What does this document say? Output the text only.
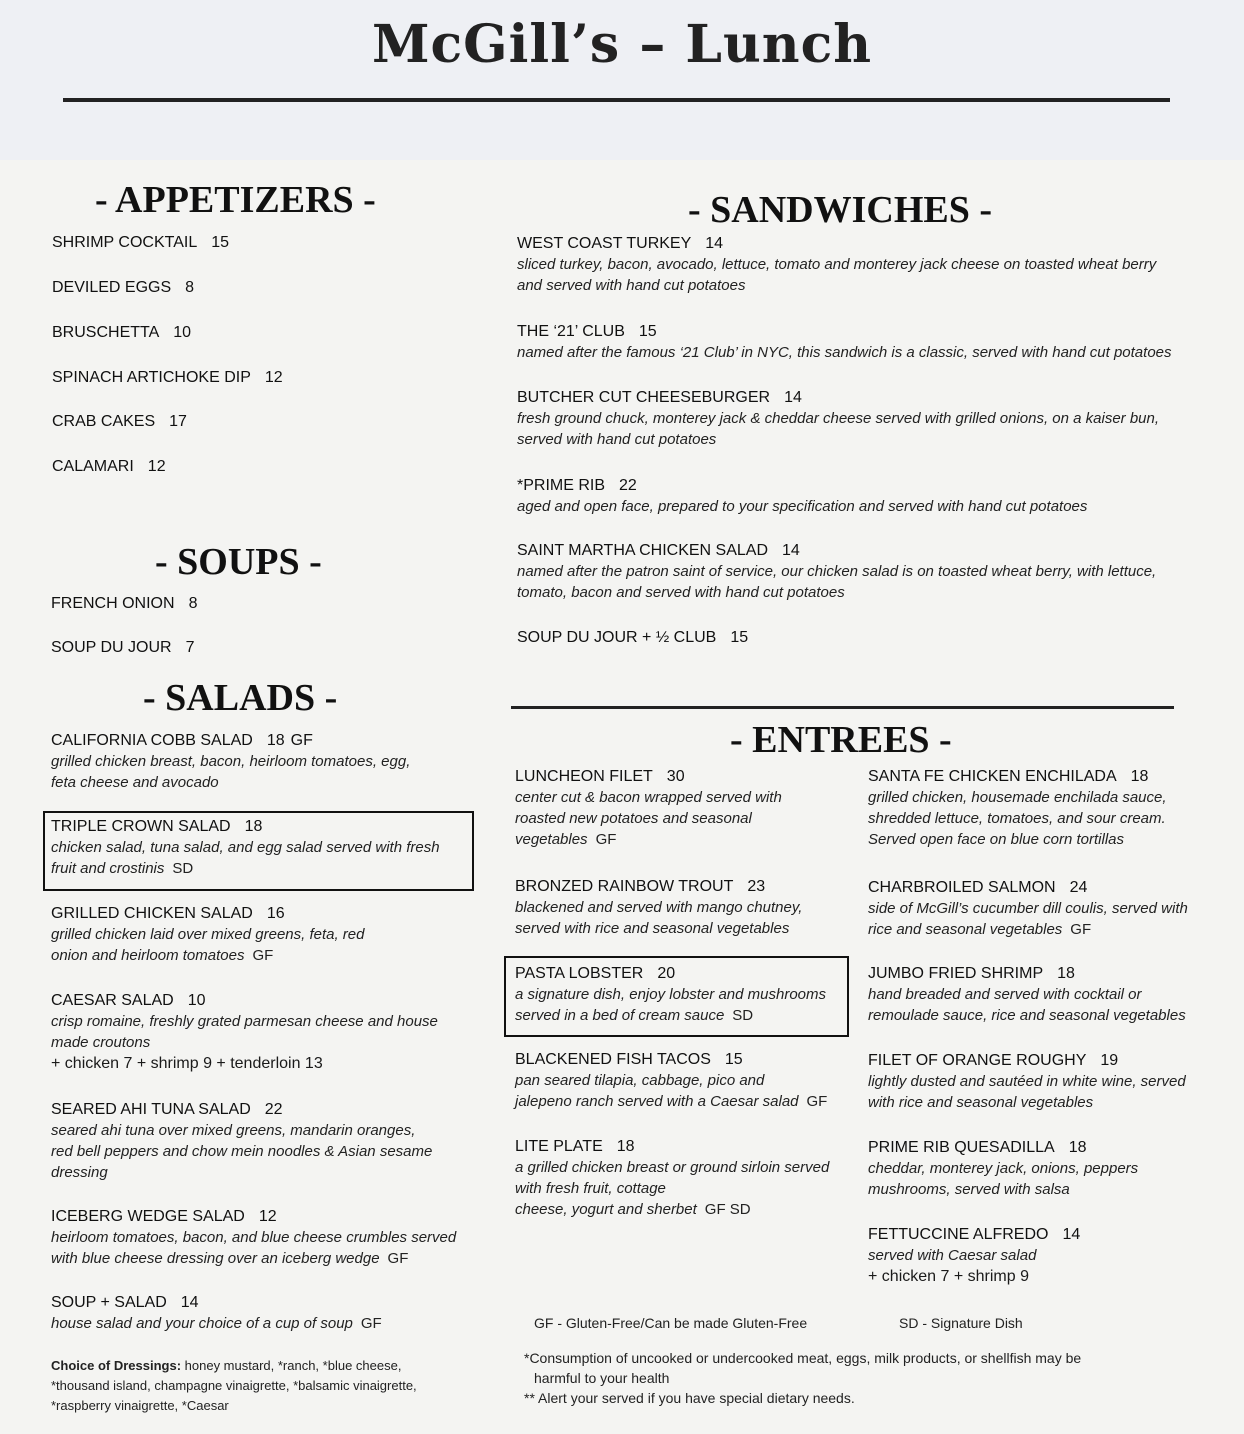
McGill’s – Lunch
- APPETIZERS -	- SANDWICHES -
- SOUPS -
- SALADS -
- ENTREES -
SHRIMP COCKTAIL 15
DEVILED EGGS 8
BRUSCHETTA 10
SPINACH ARTICHOKE DIP 12
CRAB CAKES 17
CALAMARI 12
FRENCH ONION 8
SOUP DU JOUR 7
CALIFORNIA COBB SALAD 18 GF
grilled chicken breast, bacon, heirloom tomatoes, egg,
feta cheese and avocado
TRIPLE CROWN SALAD 18
chicken salad, tuna salad, and egg salad served with fresh
fruit and crostinis SD
GRILLED CHICKEN SALAD 16
grilled chicken laid over mixed greens, feta, red
onion and heirloom tomatoes GF
CAESAR SALAD 10
crisp romaine, freshly grated parmesan cheese and house
made croutons
+ chicken 7 + shrimp 9 + tenderloin 13
SEARED AHI TUNA SALAD 22
seared ahi tuna over mixed greens, mandarin oranges,
red bell peppers and chow mein noodles & Asian sesame
dressing
ICEBERG WEDGE SALAD 12
heirloom tomatoes, bacon, and blue cheese crumbles served
with blue cheese dressing over an iceberg wedge GF
SOUP + SALAD 14
house salad and your choice of a cup of soup GF
WEST COAST TURKEY 14
sliced turkey, bacon, avocado, lettuce, tomato and monterey jack cheese on toasted wheat berry
and served with hand cut potatoes
THE ‘21’ CLUB 15
named after the famous ‘21 Club’ in NYC, this sandwich is a classic, served with hand cut potatoes
BUTCHER CUT CHEESEBURGER 14
fresh ground chuck, monterey jack & cheddar cheese served with grilled onions, on a kaiser bun,
served with hand cut potatoes
*PRIME RIB 22
aged and open face, prepared to your specification and served with hand cut potatoes
SAINT MARTHA CHICKEN SALAD 14
named after the patron saint of service, our chicken salad is on toasted wheat berry, with lettuce,
tomato, bacon and served with hand cut potatoes
SOUP DU JOUR + ½ CLUB 15
LUNCHEON FILET 30
center cut & bacon wrapped served with
roasted new potatoes and seasonal
vegetables GF
BRONZED RAINBOW TROUT 23
blackened and served with mango chutney,
served with rice and seasonal vegetables
PASTA LOBSTER 20
a signature dish, enjoy lobster and mushrooms
served in a bed of cream sauce SD
BLACKENED FISH TACOS 15
pan seared tilapia, cabbage, pico and
jalepeno ranch served with a Caesar salad GF
LITE PLATE 18
a grilled chicken breast or ground sirloin served
with fresh fruit, cottage
cheese, yogurt and sherbet GF SD
SANTA FE CHICKEN ENCHILADA 18
grilled chicken, housemade enchilada sauce,
shredded lettuce, tomatoes, and sour cream.
Served open face on blue corn tortillas
CHARBROILED SALMON 24
side of McGill’s cucumber dill coulis, served with
rice and seasonal vegetables GF
JUMBO FRIED SHRIMP 18
hand breaded and served with cocktail or
remoulade sauce, rice and seasonal vegetables
FILET OF ORANGE ROUGHY 19
lightly dusted and sautéed in white wine, served
with rice and seasonal vegetables
PRIME RIB QUESADILLA 18
cheddar, monterey jack, onions, peppers
mushrooms, served with salsa
FETTUCCINE ALFREDO 14
served with Caesar salad
+ chicken 7 + shrimp 9
Choice of Dressings: honey mustard, *ranch, *blue cheese,
*thousand island, champagne vinaigrette, *balsamic vinaigrette,
*raspberry vinaigrette, *Caesar
GF - Gluten-Free/Can be made Gluten-Free	SD - Signature Dish
*Consumption of uncooked or undercooked meat, eggs, milk products, or shellfish may be
harmful to your health
** Alert your served if you have special dietary needs.
